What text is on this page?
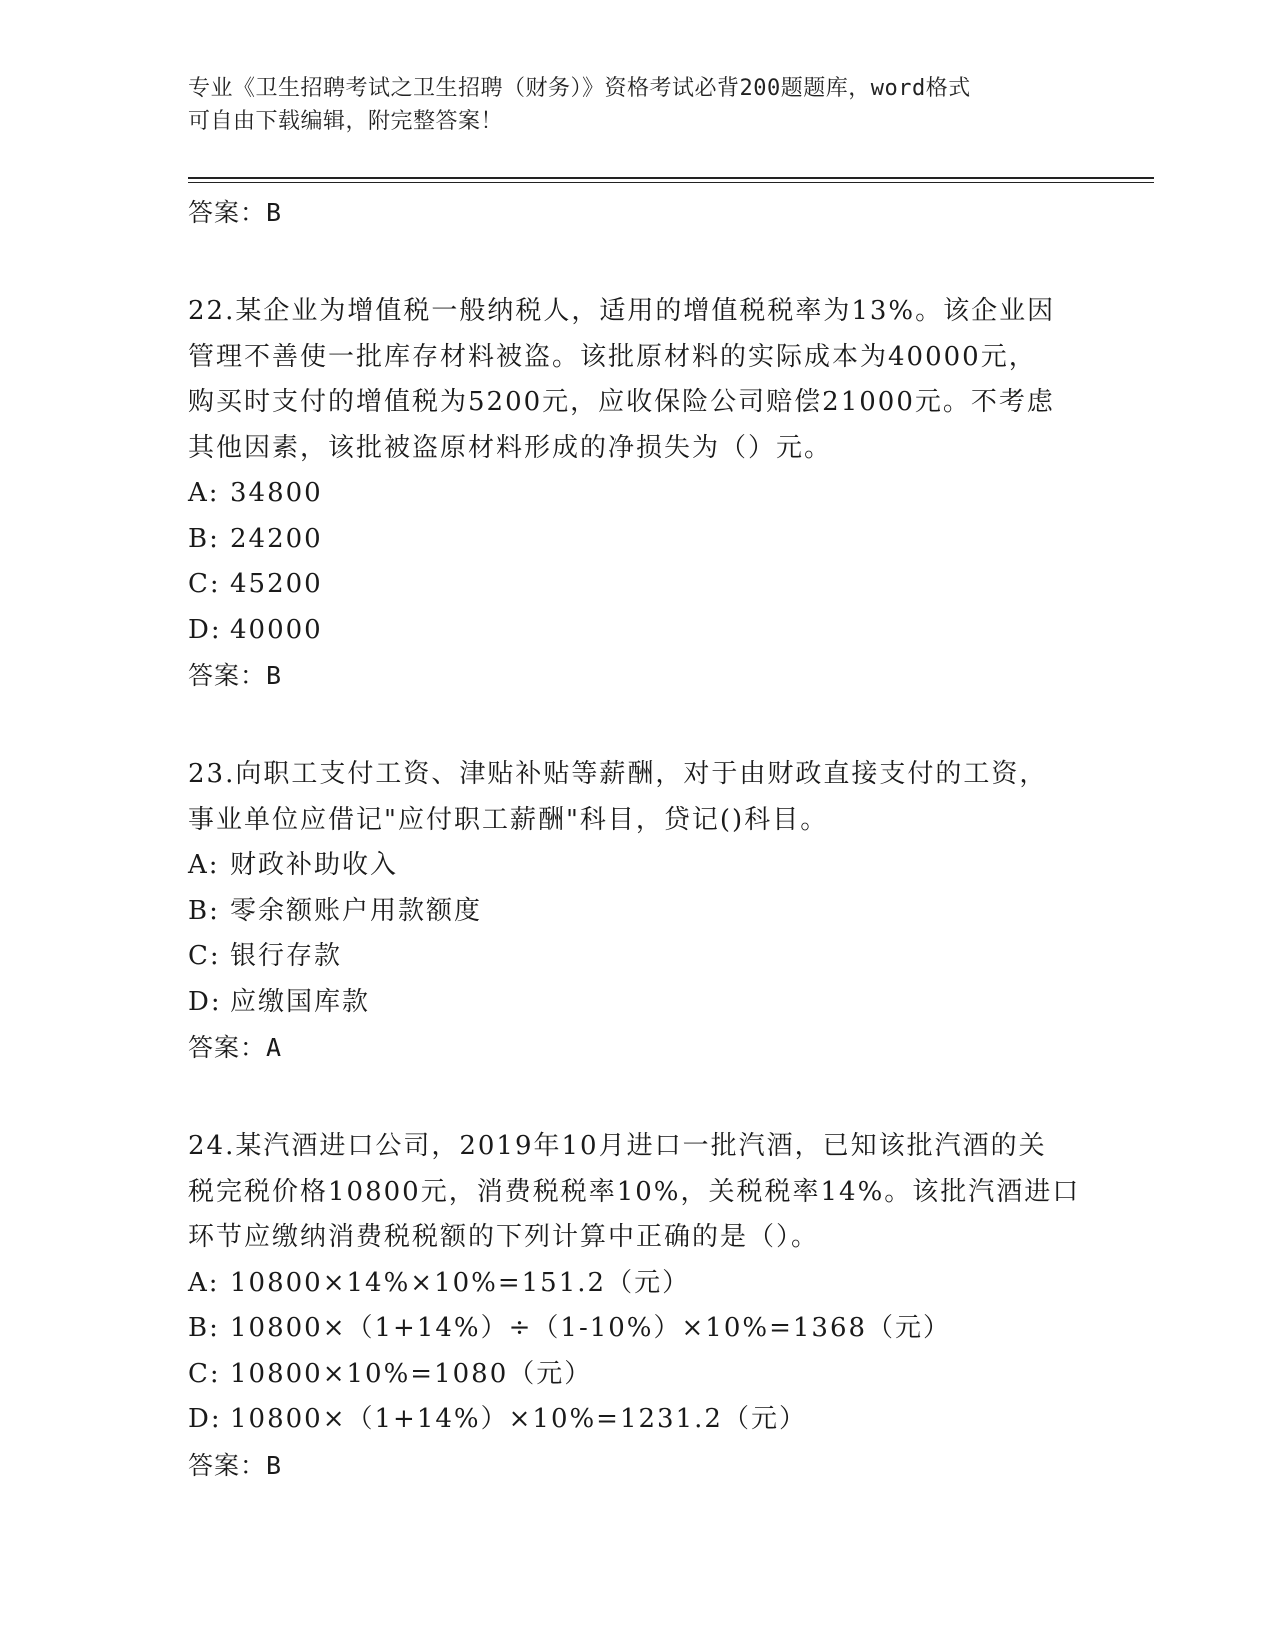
专业《卫生招聘考试之卫生招聘（财务）》资格考试必背200题题库，word格式
可自由下载编辑，附完整答案！
答案：B
22.某企业为增值税一般纳税人，适用的增值税税率为13%。该企业因
管理不善使一批库存材料被盗。该批原材料的实际成本为40000元，
购买时支付的增值税为5200元，应收保险公司赔偿21000元。不考虑
其他因素，该批被盗原材料形成的净损失为（）元。
A: 34800
B: 24200
C: 45200
D: 40000
答案：B
23.向职工支付工资、津贴补贴等薪酬，对于由财政直接支付的工资，
事业单位应借记"应付职工薪酬"科目，贷记()科目。
A: 财政补助收入
B: 零余额账户用款额度
C: 银行存款
D: 应缴国库款
答案：A
24.某汽酒进口公司，2019年10月进口一批汽酒，已知该批汽酒的关
税完税价格10800元，消费税税率10%，关税税率14%。该批汽酒进口
环节应缴纳消费税税额的下列计算中正确的是（）。
A: 10800×14%×10%=151.2（元）
B: 10800×（1+14%）÷（1-10%）×10%=1368（元）
C: 10800×10%=1080（元）
D: 10800×（1+14%）×10%=1231.2（元）
答案：B
